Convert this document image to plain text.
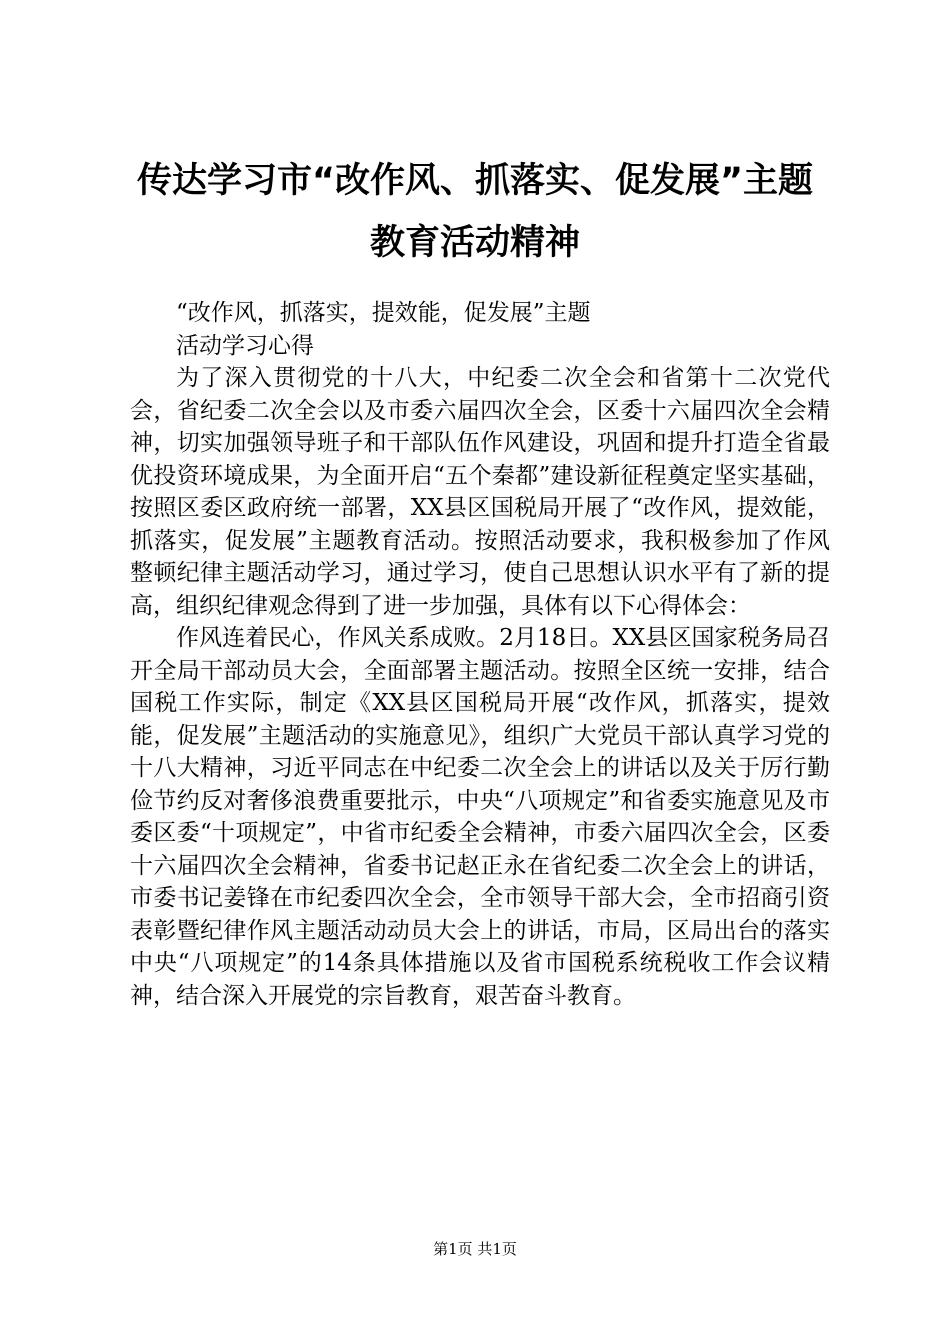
传达学习市“改作风、抓落实、促发展”主题
教育活动精神

“改作风，抓落实，提效能，促发展”主题

活动学习心得

为了深入贯彻党的十八大，中纪委二次全会和省第十二次党代会，省纪委二次全会以及市委六届四次全会，区委十六届四次全会精神，切实加强领导班子和干部队伍作风建设，巩固和提升打造全省最优投资环境成果，为全面开启“五个秦都”建设新征程奠定坚实基础，按照区委区政府统一部署，XX县区国税局开展了“改作风，提效能，抓落实，促发展”主题教育活动。按照活动要求，我积极参加了作风整顿纪律主题活动学习，通过学习，使自己思想认识水平有了新的提高，组织纪律观念得到了进一步加强，具体有以下心得体会：

作风连着民心，作风关系成败。2月18日。XX县区国家税务局召开全局干部动员大会，全面部署主题活动。按照全区统一安排，结合国税工作实际，制定《XX县区国税局开展“改作风，抓落实，提效能，促发展”主题活动的实施意见》，组织广大党员干部认真学习党的十八大精神，习近平同志在中纪委二次全会上的讲话以及关于厉行勤俭节约反对奢侈浪费重要批示，中央“八项规定”和省委实施意见及市委区委“十项规定”，中省市纪委全会精神，市委六届四次全会，区委十六届四次全会精神，省委书记赵正永在省纪委二次全会上的讲话，市委书记姜锋在市纪委四次全会，全市领导干部大会，全市招商引资表彰暨纪律作风主题活动动员大会上的讲话，市局，区局出台的落实中央“八项规定”的14条具体措施以及省市国税系统税收工作会议精神，结合深入开展党的宗旨教育，艰苦奋斗教育。

第1页 共1页
